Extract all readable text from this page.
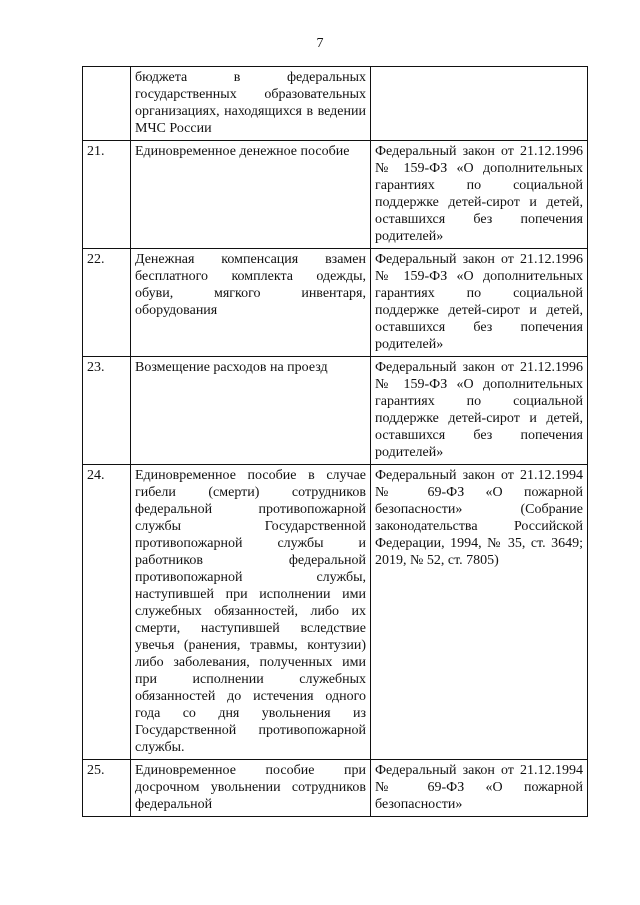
7
	бюджета в федеральных государственных образовательных организациях, находящихся в ведении МЧС России	
21.	Единовременное денежное пособие	Федеральный закон от 21.12.1996 № 159-ФЗ «О дополнительных гарантиях по социальной поддержке детей-сирот и детей, оставшихся без попечения родителей»
22.	Денежная компенсация взамен бесплатного комплекта одежды, обуви, мягкого инвентаря, оборудования	Федеральный закон от 21.12.1996 № 159-ФЗ «О дополнительных гарантиях по социальной поддержке детей-сирот и детей, оставшихся без попечения родителей»
23.	Возмещение расходов на проезд	Федеральный закон от 21.12.1996 № 159-ФЗ «О дополнительных гарантиях по социальной поддержке детей-сирот и детей, оставшихся без попечения родителей»
24.	Единовременное пособие в случае гибели (смерти) сотрудников федеральной противопожарной службы Государственной противопожарной службы и работников федеральной противопожарной службы, наступившей при исполнении ими служебных обязанностей, либо их смерти, наступившей вследствие увечья (ранения, травмы, контузии) либо заболевания, полученных ими при исполнении служебных обязанностей до истечения одного года со дня увольнения из Государственной противопожарной службы.	Федеральный закон от 21.12.1994 № 69-ФЗ «О пожарной безопасности» (Собрание законодательства Российской Федерации, 1994, № 35, ст. 3649; 2019, № 52, ст. 7805)
25.	Единовременное пособие при досрочном увольнении сотрудников федеральной	Федеральный закон от 21.12.1994 № 69-ФЗ «О пожарной безопасности»
